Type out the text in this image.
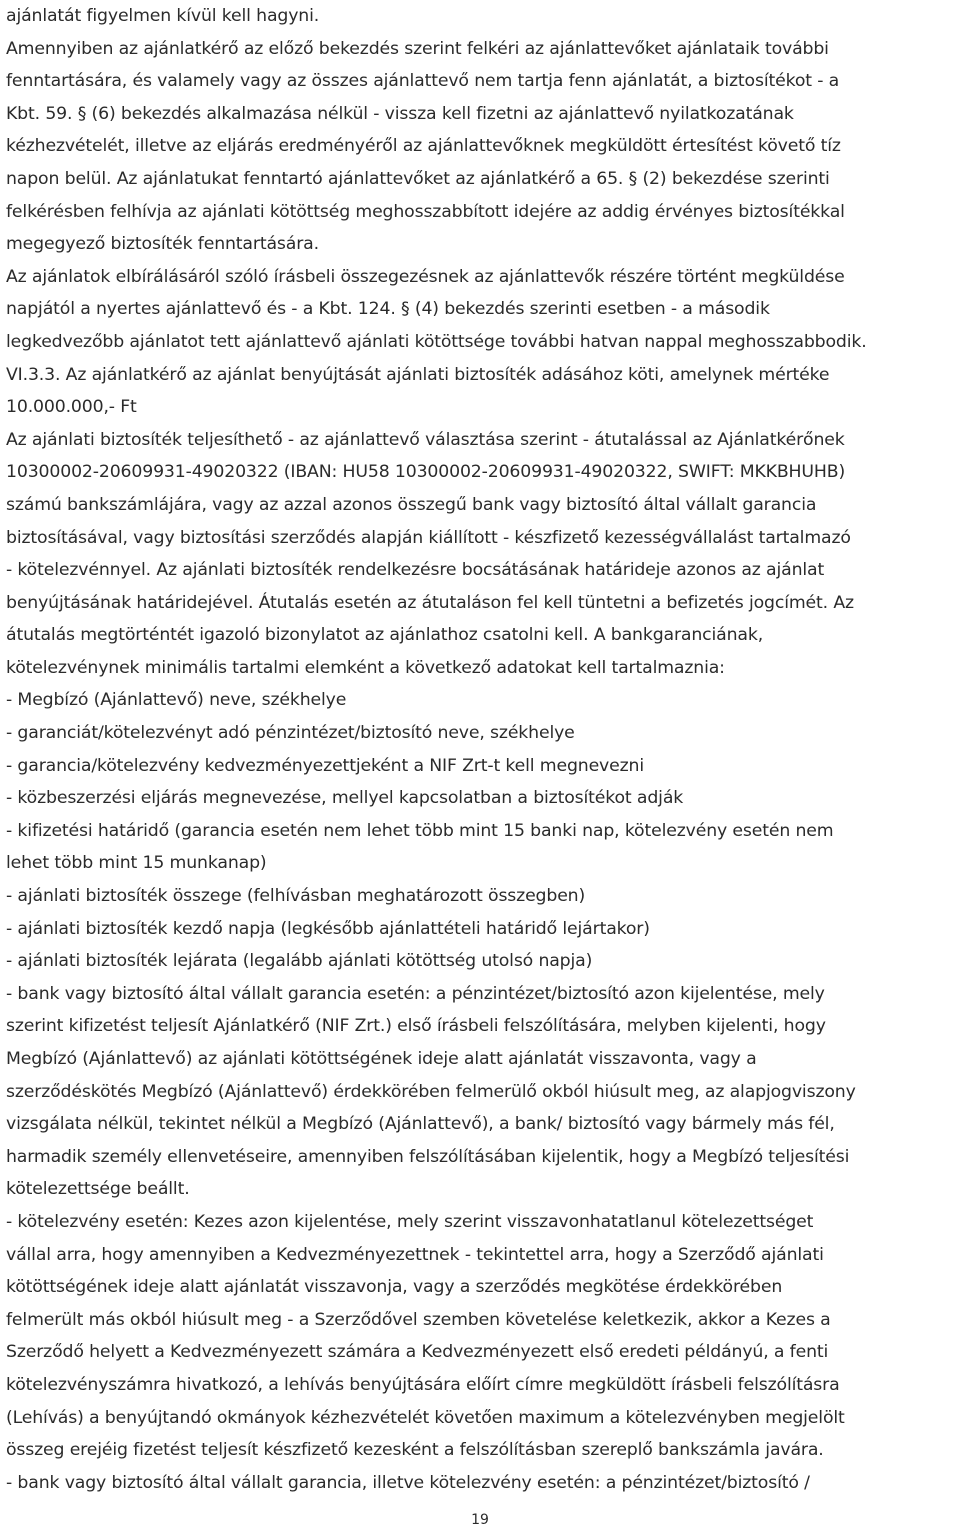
ajánlatát figyelmen kívül kell hagyni.
Amennyiben az ajánlatkérő az előző bekezdés szerint felkéri az ajánlattevőket ajánlataik további
fenntartására, és valamely vagy az összes ajánlattevő nem tartja fenn ajánlatát, a biztosítékot - a
Kbt. 59. § (6) bekezdés alkalmazása nélkül - vissza kell fizetni az ajánlattevő nyilatkozatának
kézhezvételét, illetve az eljárás eredményéről az ajánlattevőknek megküldött értesítést követő tíz
napon belül. Az ajánlatukat fenntartó ajánlattevőket az ajánlatkérő a 65. § (2) bekezdése szerinti
felkérésben felhívja az ajánlati kötöttség meghosszabbított idejére az addig érvényes biztosítékkal
megegyező biztosíték fenntartására.
Az ajánlatok elbírálásáról szóló írásbeli összegezésnek az ajánlattevők részére történt megküldése
napjától a nyertes ajánlattevő és - a Kbt. 124. § (4) bekezdés szerinti esetben - a második
legkedvezőbb ajánlatot tett ajánlattevő ajánlati kötöttsége további hatvan nappal meghosszabbodik.
VI.3.3. Az ajánlatkérő az ajánlat benyújtását ajánlati biztosíték adásához köti, amelynek mértéke
10.000.000,- Ft
Az ajánlati biztosíték teljesíthető - az ajánlattevő választása szerint - átutalással az Ajánlatkérőnek
10300002-20609931-49020322 (IBAN: HU58 10300002-20609931-49020322, SWIFT: MKKBHUHB)
számú bankszámlájára, vagy az azzal azonos összegű bank vagy biztosító által vállalt garancia
biztosításával, vagy biztosítási szerződés alapján kiállított - készfizető kezességvállalást tartalmazó
- kötelezvénnyel. Az ajánlati biztosíték rendelkezésre bocsátásának határideje azonos az ajánlat
benyújtásának határidejével. Átutalás esetén az átutaláson fel kell tüntetni a befizetés jogcímét. Az
átutalás megtörténtét igazoló bizonylatot az ajánlathoz csatolni kell. A bankgaranciának,
kötelezvénynek minimális tartalmi elemként a következő adatokat kell tartalmaznia:
- Megbízó (Ajánlattevő) neve, székhelye
- garanciát/kötelezvényt adó pénzintézet/biztosító neve, székhelye
- garancia/kötelezvény kedvezményezettjeként a NIF Zrt-t kell megnevezni
- közbeszerzési eljárás megnevezése, mellyel kapcsolatban a biztosítékot adják
- kifizetési határidő (garancia esetén nem lehet több mint 15 banki nap, kötelezvény esetén nem
lehet több mint 15 munkanap)
- ajánlati biztosíték összege (felhívásban meghatározott összegben)
- ajánlati biztosíték kezdő napja (legkésőbb ajánlattételi határidő lejártakor)
- ajánlati biztosíték lejárata (legalább ajánlati kötöttség utolsó napja)
- bank vagy biztosító által vállalt garancia esetén: a pénzintézet/biztosító azon kijelentése, mely
szerint kifizetést teljesít Ajánlatkérő (NIF Zrt.) első írásbeli felszólítására, melyben kijelenti, hogy
Megbízó (Ajánlattevő) az ajánlati kötöttségének ideje alatt ajánlatát visszavonta, vagy a
szerződéskötés Megbízó (Ajánlattevő) érdekkörében felmerülő okból hiúsult meg, az alapjogviszony
vizsgálata nélkül, tekintet nélkül a Megbízó (Ajánlattevő), a bank/ biztosító vagy bármely más fél,
harmadik személy ellenvetéseire, amennyiben felszólításában kijelentik, hogy a Megbízó teljesítési
kötelezettsége beállt.
- kötelezvény esetén: Kezes azon kijelentése, mely szerint visszavonhatatlanul kötelezettséget
vállal arra, hogy amennyiben a Kedvezményezettnek - tekintettel arra, hogy a Szerződő ajánlati
kötöttségének ideje alatt ajánlatát visszavonja, vagy a szerződés megkötése érdekkörében
felmerült más okból hiúsult meg - a Szerződővel szemben követelése keletkezik, akkor a Kezes a
Szerződő helyett a Kedvezményezett számára a Kedvezményezett első eredeti példányú, a fenti
kötelezvényszámra hivatkozó, a lehívás benyújtására előírt címre megküldött írásbeli felszólításra
(Lehívás) a benyújtandó okmányok kézhezvételét követően maximum a kötelezvényben megjelölt
összeg erejéig fizetést teljesít készfizető kezesként a felszólításban szereplő bankszámla javára.
- bank vagy biztosító által vállalt garancia, illetve kötelezvény esetén: a pénzintézet/biztosító /
19
